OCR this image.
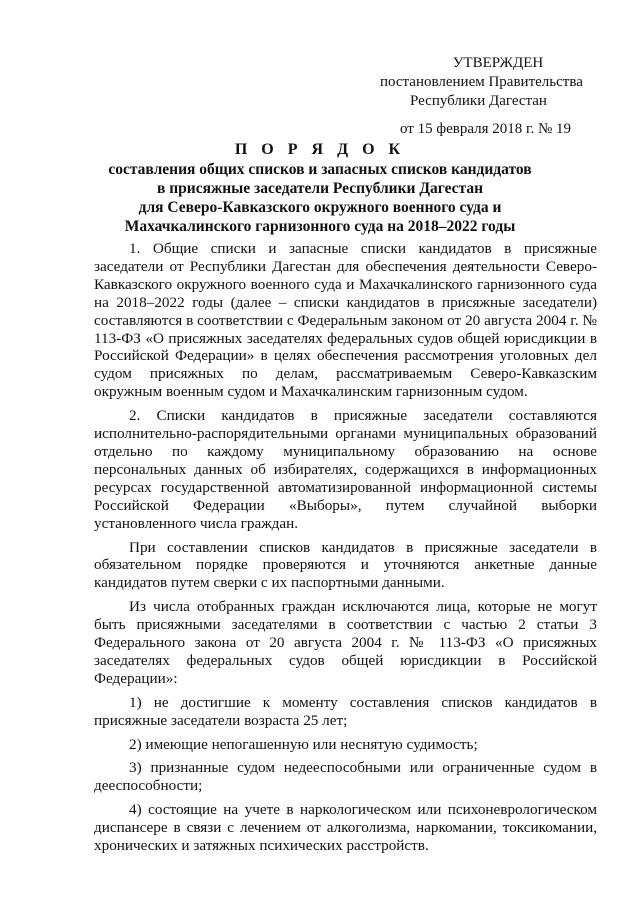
УТВЕРЖДЕН
постановлением Правительства
Республики Дагестан
от 15 февраля 2018 г. № 19
П О Р Я Д О К
составления общих списков и запасных списков кандидатов
в присяжные заседатели Республики Дагестан
для Северо-Кавказского окружного военного суда и
Махачкалинского гарнизонного суда на 2018–2022 годы

1. Общие списки и запасные списки кандидатов в присяжные заседатели от Республики Дагестан для обеспечения деятельности Северо-Кавказского окружного военного суда и Махачкалинского гарнизонного суда на 2018–2022 годы (далее – списки кандидатов в присяжные заседатели) составляются в соответствии с Федеральным законом от 20 августа 2004 г. № 113-ФЗ «О присяжных заседателях федеральных судов общей юрисдикции в Российской Федерации» в целях обеспечения рассмотрения уголовных дел судом присяжных по делам, рассматриваемым Северо-Кавказским окружным военным судом и Махачкалинским гарнизонным судом.

2. Списки кандидатов в присяжные заседатели составляются исполнительно-распорядительными органами муниципальных образований отдельно по каждому муниципальному образованию на основе персональных данных об избирателях, содержащихся в информационных ресурсах государственной автоматизированной информационной системы Российской Федерации «Выборы», путем случайной выборки установленного числа граждан.

При составлении списков кандидатов в присяжные заседатели в обязательном порядке проверяются и уточняются анкетные данные кандидатов путем сверки с их паспортными данными.

Из числа отобранных граждан исключаются лица, которые не могут быть присяжными заседателями в соответствии с частью 2 статьи 3 Федерального закона от 20 августа 2004 г. № 113-ФЗ «О присяжных заседателях федеральных судов общей юрисдикции в Российской Федерации»:

1) не достигшие к моменту составления списков кандидатов в присяжные заседатели возраста 25 лет;

2) имеющие непогашенную или неснятую судимость;

3) признанные судом недееспособными или ограниченные судом в дееспособности;

4) состоящие на учете в наркологическом или психоневрологическом диспансере в связи с лечением от алкоголизма, наркомании, токсикомании, хронических и затяжных психических расстройств.
